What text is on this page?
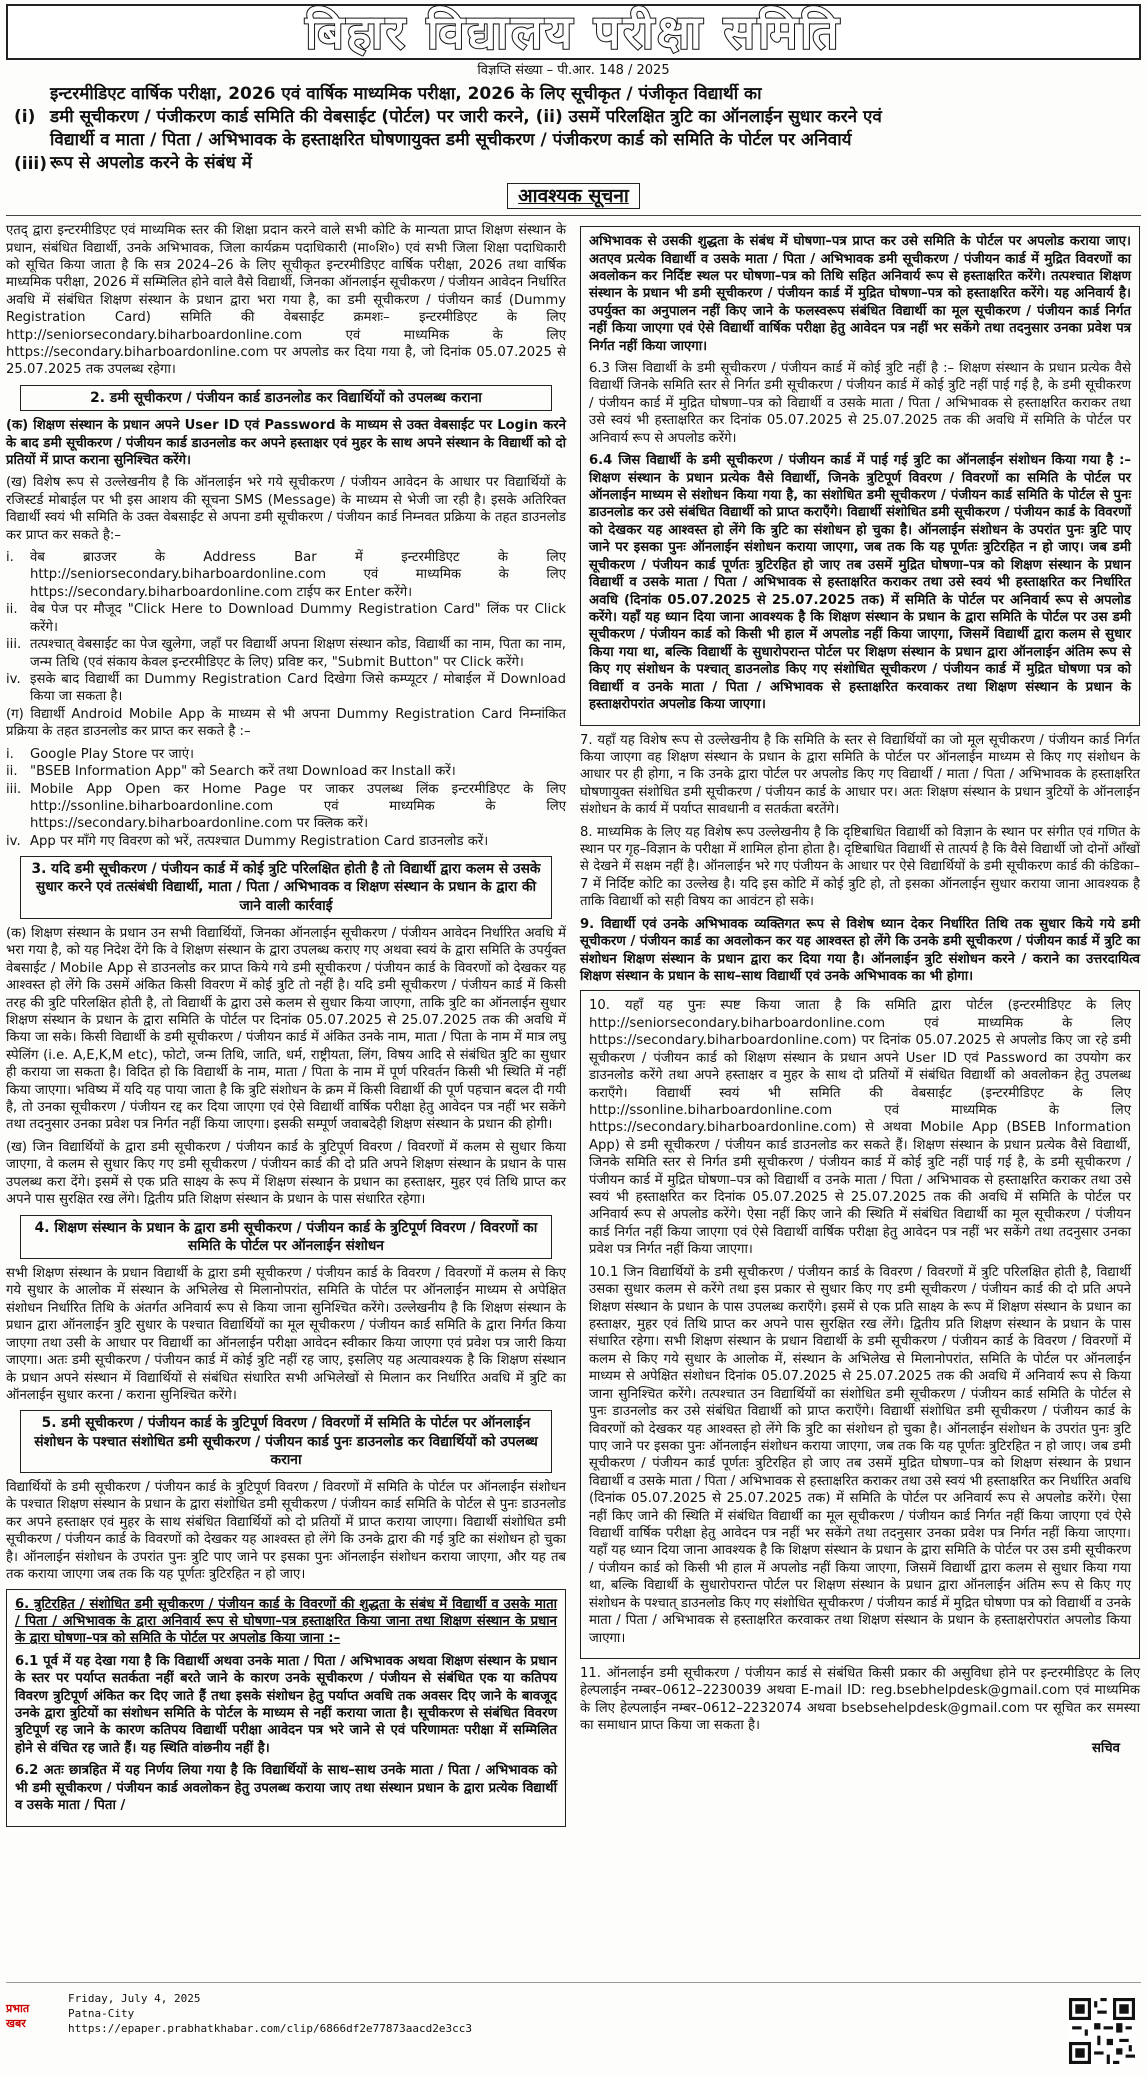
बिहार विद्यालय परीक्षा समिति
विज्ञप्ति संख्या – पी.आर. 148 / 2025
(i)
(iii)
इन्टरमीडिएट वार्षिक परीक्षा, 2026 एवं वार्षिक माध्यमिक परीक्षा, 2026 के लिए सूचीकृत / पंजीकृत विद्यार्थी का
डमी सूचीकरण / पंजीकरण कार्ड समिति की वेबसाईट (पोर्टल) पर जारी करने, (ii) उसमें परिलक्षित त्रुटि का ऑनलाईन सुधार करने एवं
विद्यार्थी व माता / पिता / अभिभावक के हस्ताक्षरित घोषणायुक्त डमी सूचीकरण / पंजीकरण कार्ड को समिति के पोर्टल पर अनिवार्य
रूप से अपलोड करने के संबंध में
आवश्यक सूचना

एतद् द्वारा इन्टरमीडिएट एवं माध्यमिक स्तर की शिक्षा प्रदान करने वाले सभी कोटि के मान्यता प्राप्त शिक्षण संस्थान के प्रधान, संबंधित विद्यार्थी, उनके अभिभावक, जिला कार्यक्रम पदाधिकारी (मा०शि०) एवं सभी जिला शिक्षा पदाधिकारी को सूचित किया जाता है कि सत्र 2024–26 के लिए सूचीकृत इन्टरमीडिएट वार्षिक परीक्षा, 2026 तथा वार्षिक माध्यमिक परीक्षा, 2026 में सम्मिलित होने वाले वैसे विद्यार्थी, जिनका ऑनलाईन सूचीकरण / पंजीयन आवेदन निर्धारित अवधि में संबंधित शिक्षण संस्थान के प्रधान द्वारा भरा गया है, का डमी सूचीकरण / पंजीयन कार्ड (Dummy Registration Card) समिति की वेबसाईट क्रमशः– इन्टरमीडिएट के लिए http://seniorsecondary.biharboardonline.com एवं माध्यमिक के लिए https://secondary.biharboardonline.com पर अपलोड कर दिया गया है, जो दिनांक 05.07.2025 से 25.07.2025 तक उपलब्ध रहेगा।

2. डमी सूचीकरण / पंजीयन कार्ड डाउनलोड कर विद्यार्थियों को उपलब्ध कराना

(क) शिक्षण संस्थान के प्रधान अपने User ID एवं Password के माध्यम से उक्त वेबसाईट पर Login करने के बाद डमी सूचीकरण / पंजीयन कार्ड डाउनलोड कर अपने हस्ताक्षर एवं मुहर के साथ अपने संस्थान के विद्यार्थी को दो प्रतियों में प्राप्त कराना सुनिश्चित करेंगे।

(ख) विशेष रूप से उल्लेखनीय है कि ऑनलाईन भरे गये सूचीकरण / पंजीयन आवेदन के आधार पर विद्यार्थियों के रजिस्टर्ड मोबाईल पर भी इस आशय की सूचना SMS (Message) के माध्यम से भेजी जा रही है। इसके अतिरिक्त विद्यार्थी स्वयं भी समिति के उक्त वेबसाईट से अपना डमी सूचीकरण / पंजीयन कार्ड निम्नवत प्रक्रिया के तहत डाउनलोड कर प्राप्त कर सकते है:–

i.	वेब ब्राउजर के Address Bar में इन्टरमीडिएट के लिए http://seniorsecondary.biharboardonline.com एवं माध्यमिक के लिए https://secondary.biharboardonline.com टाईप कर Enter करेंगे।
ii. वेब पेज पर मौजूद "Click Here to Download Dummy Registration Card" लिंक पर Click करेंगे।
iii. तत्पश्चात् वेबसाईट का पेज खुलेगा, जहाँ पर विद्यार्थी अपना शिक्षण संस्थान कोड, विद्यार्थी का नाम, पिता का नाम, जन्म तिथि (एवं संकाय केवल इन्टरमीडिएट के लिए) प्रविष्ट कर, "Submit Button" पर Click करेंगे।
iv. इसके बाद विद्यार्थी का Dummy Registration Card दिखेगा जिसे कम्प्यूटर / मोबाईल में Download किया जा सकता है।

(ग) विद्यार्थी Android Mobile App के माध्यम से भी अपना Dummy Registration Card निम्नांकित प्रक्रिया के तहत डाउनलोड कर प्राप्त कर सकते है :–

i.	Google Play Store पर जाएं।
ii. "BSEB Information App" को Search करें तथा Download कर Install करें।
iii. Mobile App Open कर Home Page पर जाकर उपलब्ध लिंक इन्टरमीडिएट के लिए http://ssonline.biharboardonline.com एवं माध्यमिक के लिए https://secondary.biharboardonline.com पर क्लिक करें।
iv. App पर माँगे गए विवरण को भरें, तत्पश्चात Dummy Registration Card डाउनलोड करें।
3. यदि डमी सूचीकरण / पंजीयन कार्ड में कोई त्रुटि परिलक्षित होती है तो विद्यार्थी द्वारा कलम से उसके सुधार करने एवं तत्संबंधी विद्यार्थी, माता / पिता / अभिभावक व शिक्षण संस्थान के प्रधान के द्वारा की जाने वाली कार्रवाई

(क) शिक्षण संस्थान के प्रधान उन सभी विद्यार्थियों, जिनका ऑनलाईन सूचीकरण / पंजीयन आवेदन निर्धारित अवधि में भरा गया है, को यह निदेश देंगे कि वे शिक्षण संस्थान के द्वारा उपलब्ध कराए गए अथवा स्वयं के द्वारा समिति के उपर्युक्त वेबसाईट / Mobile App से डाउनलोड कर प्राप्त किये गये डमी सूचीकरण / पंजीयन कार्ड के विवरणों को देखकर यह आश्वस्त हो लेंगे कि उसमें अंकित किसी विवरण में कोई त्रुटि तो नहीं है। यदि डमी सूचीकरण / पंजीयन कार्ड में किसी तरह की त्रुटि परिलक्षित होती है, तो विद्यार्थी के द्वारा उसे कलम से सुधार किया जाएगा, ताकि त्रुटि का ऑनलाईन सुधार शिक्षण संस्थान के प्रधान के द्वारा समिति के पोर्टल पर दिनांक 05.07.2025 से 25.07.2025 तक की अवधि में किया जा सके। किसी विद्यार्थी के डमी सूचीकरण / पंजीयन कार्ड में अंकित उनके नाम, माता / पिता के नाम में मात्र लघु स्पेलिंग (i.e. A,E,K,M etc), फोटो, जन्म तिथि, जाति, धर्म, राष्ट्रीयता, लिंग, विषय आदि से संबंधित त्रुटि का सुधार ही कराया जा सकता है। विदित हो कि विद्यार्थी के नाम, माता / पिता के नाम में पूर्ण परिवर्तन किसी भी स्थिति में नहीं किया जाएगा। भविष्य में यदि यह पाया जाता है कि त्रुटि संशोधन के क्रम में किसी विद्यार्थी की पूर्ण पहचान बदल दी गयी है, तो उनका सूचीकरण / पंजीयन रद्द कर दिया जाएगा एवं ऐसे विद्यार्थी वार्षिक परीक्षा हेतु आवेदन पत्र नहीं भर सकेंगे तथा तदनुसार उनका प्रवेश पत्र निर्गत नहीं किया जाएगा। इसकी सम्पूर्ण जवाबदेही शिक्षण संस्थान के प्रधान की होगी।

(ख) जिन विद्यार्थियों के द्वारा डमी सूचीकरण / पंजीयन कार्ड के त्रुटिपूर्ण विवरण / विवरणों में कलम से सुधार किया जाएगा, वे कलम से सुधार किए गए डमी सूचीकरण / पंजीयन कार्ड की दो प्रति अपने शिक्षण संस्थान के प्रधान के पास उपलब्ध करा देंगे। इसमें से एक प्रति साक्ष्य के रूप में शिक्षण संस्थान के प्रधान का हस्ताक्षर, मुहर एवं तिथि प्राप्त कर अपने पास सुरक्षित रख लेंगे। द्वितीय प्रति शिक्षण संस्थान के प्रधान के पास संधारित रहेगा।

4. शिक्षण संस्थान के प्रधान के द्वारा डमी सूचीकरण / पंजीयन कार्ड के त्रुटिपूर्ण विवरण / विवरणों का समिति के पोर्टल पर ऑनलाईन संशोधन

सभी शिक्षण संस्थान के प्रधान विद्यार्थी के द्वारा डमी सूचीकरण / पंजीयन कार्ड के विवरण / विवरणों में कलम से किए गये सुधार के आलोक में संस्थान के अभिलेख से मिलानोपरांत, समिति के पोर्टल पर ऑनलाईन माध्यम से अपेक्षित संशोधन निर्धारित तिथि के अंतर्गत अनिवार्य रूप से किया जाना सुनिश्चित करेंगे। उल्लेखनीय है कि शिक्षण संस्थान के प्रधान द्वारा ऑनलाईन त्रुटि सुधार के पश्चात विद्यार्थियों का मूल सूचीकरण / पंजीयन कार्ड समिति के द्वारा निर्गत किया जाएगा तथा उसी के आधार पर विद्यार्थी का ऑनलाईन परीक्षा आवेदन स्वीकार किया जाएगा एवं प्रवेश पत्र जारी किया जाएगा। अतः डमी सूचीकरण / पंजीयन कार्ड में कोई त्रुटि नहीं रह जाए, इसलिए यह अत्यावश्यक है कि शिक्षण संस्थान के प्रधान अपने संस्थान में विद्यार्थियों से संबंधित संधारित सभी अभिलेखों से मिलान कर निर्धारित अवधि में त्रुटि का ऑनलाईन सुधार करना / कराना सुनिश्चित करेंगे।

5. डमी सूचीकरण / पंजीयन कार्ड के त्रुटिपूर्ण विवरण / विवरणों में समिति के पोर्टल पर ऑनलाईन संशोधन के पश्चात संशोधित डमी सूचीकरण / पंजीयन कार्ड पुनः डाउनलोड कर विद्यार्थियों को उपलब्ध कराना

विद्यार्थियों के डमी सूचीकरण / पंजीयन कार्ड के त्रुटिपूर्ण विवरण / विवरणों में समिति के पोर्टल पर ऑनलाईन संशोधन के पश्चात शिक्षण संस्थान के प्रधान के द्वारा संशोधित डमी सूचीकरण / पंजीयन कार्ड समिति के पोर्टल से पुनः डाउनलोड कर अपने हस्ताक्षर एवं मुहर के साथ संबंधित विद्यार्थियों को दो प्रतियों में प्राप्त कराया जाएगा। विद्यार्थी संशोधित डमी सूचीकरण / पंजीयन कार्ड के विवरणों को देखकर यह आश्वस्त हो लेंगे कि उनके द्वारा की गई त्रुटि का संशोधन हो चुका है। ऑनलाईन संशोधन के उपरांत पुनः त्रुटि पाए जाने पर इसका पुनः ऑनलाईन संशोधन कराया जाएगा, और यह तब तक कराया जाएगा जब तक कि यह पूर्णतः त्रुटिरहित न हो जाए।

6. त्रुटिरहित / संशोधित डमी सूचीकरण / पंजीयन कार्ड के विवरणों की शुद्धता के संबंध में विद्यार्थी व उसके माता / पिता / अभिभावक के द्वारा अनिवार्य रूप से घोषणा–पत्र हस्ताक्षरित किया जाना तथा शिक्षण संस्थान के प्रधान के द्वारा घोषणा–पत्र को समिति के पोर्टल पर अपलोड किया जाना :–

6.1 पूर्व में यह देखा गया है कि विद्यार्थी अथवा उनके माता / पिता / अभिभावक अथवा शिक्षण संस्थान के प्रधान के स्तर पर पर्याप्त सतर्कता नहीं बरते जाने के कारण उनके सूचीकरण / पंजीयन से संबंधित एक या कतिपय विवरण त्रुटिपूर्ण अंकित कर दिए जाते हैं तथा इसके संशोधन हेतु पर्याप्त अवधि तक अवसर दिए जाने के बावजूद उनके द्वारा त्रुटियों का संशोधन समिति के पोर्टल के माध्यम से नहीं कराया जाता है। सूचीकरण से संबंधित विवरण त्रुटिपूर्ण रह जाने के कारण कतिपय विद्यार्थी परीक्षा आवेदन पत्र भरे जाने से एवं परिणामतः परीक्षा में सम्मिलित होने से वंचित रह जाते हैं। यह स्थिति वांछनीय नहीं है।

6.2 अतः छात्रहित में यह निर्णय लिया गया है कि विद्यार्थियों के साथ–साथ उनके माता / पिता / अभिभावक को भी डमी सूचीकरण / पंजीयन कार्ड अवलोकन हेतु उपलब्ध कराया जाए तथा संस्थान प्रधान के द्वारा प्रत्येक विद्यार्थी व उसके माता / पिता /

अभिभावक से उसकी शुद्धता के संबंध में घोषणा–पत्र प्राप्त कर उसे समिति के पोर्टल पर अपलोड कराया जाए। अतएव प्रत्येक विद्यार्थी व उसके माता / पिता / अभिभावक डमी सूचीकरण / पंजीयन कार्ड में मुद्रित विवरणों का अवलोकन कर निर्दिष्ट स्थल पर घोषणा–पत्र को तिथि सहित अनिवार्य रूप से हस्ताक्षरित करेंगे। तत्पश्चात शिक्षण संस्थान के प्रधान भी डमी सूचीकरण / पंजीयन कार्ड में मुद्रित घोषणा–पत्र को हस्ताक्षरित करेंगे। यह अनिवार्य है। उपर्युक्त का अनुपालन नहीं किए जाने के फलस्वरूप संबंधित विद्यार्थी का मूल सूचीकरण / पंजीयन कार्ड निर्गत नहीं किया जाएगा एवं ऐसे विद्यार्थी वार्षिक परीक्षा हेतु आवेदन पत्र नहीं भर सकेंगे तथा तदनुसार उनका प्रवेश पत्र निर्गत नहीं किया जाएगा।

6.3 जिस विद्यार्थी के डमी सूचीकरण / पंजीयन कार्ड में कोई त्रुटि नहीं है :– शिक्षण संस्थान के प्रधान प्रत्येक वैसे विद्यार्थी जिनके समिति स्तर से निर्गत डमी सूचीकरण / पंजीयन कार्ड में कोई त्रुटि नहीं पाई गई है, के डमी सूचीकरण / पंजीयन कार्ड में मुद्रित घोषणा–पत्र को विद्यार्थी व उसके माता / पिता / अभिभावक से हस्ताक्षरित कराकर तथा उसे स्वयं भी हस्ताक्षरित कर दिनांक 05.07.2025 से 25.07.2025 तक की अवधि में समिति के पोर्टल पर अनिवार्य रूप से अपलोड करेंगे।

6.4 जिस विद्यार्थी के डमी सूचीकरण / पंजीयन कार्ड में पाई गई त्रुटि का ऑनलाईन संशोधन किया गया है :– शिक्षण संस्थान के प्रधान प्रत्येक वैसे विद्यार्थी, जिनके त्रुटिपूर्ण विवरण / विवरणों का समिति के पोर्टल पर ऑनलाईन माध्यम से संशोधन किया गया है, का संशोधित डमी सूचीकरण / पंजीयन कार्ड समिति के पोर्टल से पुनः डाउनलोड कर उसे संबंधित विद्यार्थी को प्राप्त कराएँगे। विद्यार्थी संशोधित डमी सूचीकरण / पंजीयन कार्ड के विवरणों को देखकर यह आश्वस्त हो लेंगे कि त्रुटि का संशोधन हो चुका है। ऑनलाईन संशोधन के उपरांत पुनः त्रुटि पाए जाने पर इसका पुनः ऑनलाईन संशोधन कराया जाएगा, जब तक कि यह पूर्णतः त्रुटिरहित न हो जाए। जब डमी सूचीकरण / पंजीयन कार्ड पूर्णतः त्रुटिरहित हो जाए तब उसमें मुद्रित घोषणा–पत्र को शिक्षण संस्थान के प्रधान विद्यार्थी व उसके माता / पिता / अभिभावक से हस्ताक्षरित कराकर तथा उसे स्वयं भी हस्ताक्षरित कर निर्धारित अवधि (दिनांक 05.07.2025 से 25.07.2025 तक) में समिति के पोर्टल पर अनिवार्य रूप से अपलोड करेंगे। यहाँ यह ध्यान दिया जाना आवश्यक है कि शिक्षण संस्थान के प्रधान के द्वारा समिति के पोर्टल पर उस डमी सूचीकरण / पंजीयन कार्ड को किसी भी हाल में अपलोड नहीं किया जाएगा, जिसमें विद्यार्थी द्वारा कलम से सुधार किया गया था, बल्कि विद्यार्थी के सुधारोपरान्त पोर्टल पर शिक्षण संस्थान के प्रधान द्वारा ऑनलाईन अंतिम रूप से किए गए संशोधन के पश्चात् डाउनलोड किए गए संशोधित सूचीकरण / पंजीयन कार्ड में मुद्रित घोषणा पत्र को विद्यार्थी व उनके माता / पिता / अभिभावक से हस्ताक्षरित करवाकर तथा शिक्षण संस्थान के प्रधान के हस्ताक्षरोपरांत अपलोड किया जाएगा।

7. यहाँ यह विशेष रूप से उल्लेखनीय है कि समिति के स्तर से विद्यार्थियों का जो मूल सूचीकरण / पंजीयन कार्ड निर्गत किया जाएगा वह शिक्षण संस्थान के प्रधान के द्वारा समिति के पोर्टल पर ऑनलाईन माध्यम से किए गए संशोधन के आधार पर ही होगा, न कि उनके द्वारा पोर्टल पर अपलोड किए गए विद्यार्थी / माता / पिता / अभिभावक के हस्ताक्षरित घोषणायुक्त संशोधित डमी सूचीकरण / पंजीयन कार्ड के आधार पर। अतः शिक्षण संस्थान के प्रधान त्रुटियों के ऑनलाईन संशोधन के कार्य में पर्याप्त सावधानी व सतर्कता बरतेंगे।

8. माध्यमिक के लिए यह विशेष रूप उल्लेखनीय है कि दृष्टिबाधित विद्यार्थी को विज्ञान के स्थान पर संगीत एवं गणित के स्थान पर गृह–विज्ञान के परीक्षा में शामिल होना होता है। दृष्टिबाधित विद्यार्थी से तात्पर्य है कि वैसे विद्यार्थी जो दोनों आँखों से देखने में सक्षम नहीं है। ऑनलाईन भरे गए पंजीयन के आधार पर ऐसे विद्यार्थियों के डमी सूचीकरण कार्ड की कंडिका–7 में निर्दिष्ट कोटि का उल्लेख है। यदि इस कोटि में कोई त्रुटि हो, तो इसका ऑनलाईन सुधार कराया जाना आवश्यक है ताकि विद्यार्थी को सही विषय का आवंटन हो सके।

9. विद्यार्थी एवं उनके अभिभावक व्यक्तिगत रूप से विशेष ध्यान देकर निर्धारित तिथि तक सुधार किये गये डमी सूचीकरण / पंजीयन कार्ड का अवलोकन कर यह आश्वस्त हो लेंगे कि उनके डमी सूचीकरण / पंजीयन कार्ड में त्रुटि का संशोधन शिक्षण संस्थान के प्रधान द्वारा कर दिया गया है। ऑनलाईन त्रुटि संशोधन करने / कराने का उत्तरदायित्व शिक्षण संस्थान के प्रधान के साथ–साथ विद्यार्थी एवं उनके अभिभावक का भी होगा।

10. यहाँ यह पुनः स्पष्ट किया जाता है कि समिति द्वारा पोर्टल (इन्टरमीडिएट के लिए http://seniorsecondary.biharboardonline.com एवं माध्यमिक के लिए https://secondary.biharboardonline.com) पर दिनांक 05.07.2025 से अपलोड किए जा रहे डमी सूचीकरण / पंजीयन कार्ड को शिक्षण संस्थान के प्रधान अपने User ID एवं Password का उपयोग कर डाउनलोड करेंगे तथा अपने हस्ताक्षर व मुहर के साथ दो प्रतियों में संबंधित विद्यार्थी को अवलोकन हेतु उपलब्ध कराएँगे। विद्यार्थी स्वयं भी समिति की वेबसाईट (इन्टरमीडिएट के लिए http://ssonline.biharboardonline.com एवं माध्यमिक के लिए https://secondary.biharboardonline.com) से अथवा Mobile App (BSEB Information App) से डमी सूचीकरण / पंजीयन कार्ड डाउनलोड कर सकते हैं। शिक्षण संस्थान के प्रधान प्रत्येक वैसे विद्यार्थी, जिनके समिति स्तर से निर्गत डमी सूचीकरण / पंजीयन कार्ड में कोई त्रुटि नहीं पाई गई है, के डमी सूचीकरण / पंजीयन कार्ड में मुद्रित घोषणा–पत्र को विद्यार्थी व उनके माता / पिता / अभिभावक से हस्ताक्षरित कराकर तथा उसे स्वयं भी हस्ताक्षरित कर दिनांक 05.07.2025 से 25.07.2025 तक की अवधि में समिति के पोर्टल पर अनिवार्य रूप से अपलोड करेंगे। ऐसा नहीं किए जाने की स्थिति में संबंधित विद्यार्थी का मूल सूचीकरण / पंजीयन कार्ड निर्गत नहीं किया जाएगा एवं ऐसे विद्यार्थी वार्षिक परीक्षा हेतु आवेदन पत्र नहीं भर सकेंगे तथा तदनुसार उनका प्रवेश पत्र निर्गत नहीं किया जाएगा।

10.1 जिन विद्यार्थियों के डमी सूचीकरण / पंजीयन कार्ड के विवरण / विवरणों में त्रुटि परिलक्षित होती है, विद्यार्थी उसका सुधार कलम से करेंगे तथा इस प्रकार से सुधार किए गए डमी सूचीकरण / पंजीयन कार्ड की दो प्रति अपने शिक्षण संस्थान के प्रधान के पास उपलब्ध कराएँगे। इसमें से एक प्रति साक्ष्य के रूप में शिक्षण संस्थान के प्रधान का हस्ताक्षर, मुहर एवं तिथि प्राप्त कर अपने पास सुरक्षित रख लेंगे। द्वितीय प्रति शिक्षण संस्थान के प्रधान के पास संधारित रहेगा। सभी शिक्षण संस्थान के प्रधान विद्यार्थी के डमी सूचीकरण / पंजीयन कार्ड के विवरण / विवरणों में कलम से किए गये सुधार के आलोक में, संस्थान के अभिलेख से मिलानोपरांत, समिति के पोर्टल पर ऑनलाईन माध्यम से अपेक्षित संशोधन दिनांक 05.07.2025 से 25.07.2025 तक की अवधि में अनिवार्य रूप से किया जाना सुनिश्चित करेंगे। तत्पश्चात उन विद्यार्थियों का संशोधित डमी सूचीकरण / पंजीयन कार्ड समिति के पोर्टल से पुनः डाउनलोड कर उसे संबंधित विद्यार्थी को प्राप्त कराएँगे। विद्यार्थी संशोधित डमी सूचीकरण / पंजीयन कार्ड के विवरणों को देखकर यह आश्वस्त हो लेंगे कि त्रुटि का संशोधन हो चुका है। ऑनलाईन संशोधन के उपरांत पुनः त्रुटि पाए जाने पर इसका पुनः ऑनलाईन संशोधन कराया जाएगा, जब तक कि यह पूर्णतः त्रुटिरहित न हो जाए। जब डमी सूचीकरण / पंजीयन कार्ड पूर्णतः त्रुटिरहित हो जाए तब उसमें मुद्रित घोषणा–पत्र को शिक्षण संस्थान के प्रधान विद्यार्थी व उसके माता / पिता / अभिभावक से हस्ताक्षरित कराकर तथा उसे स्वयं भी हस्ताक्षरित कर निर्धारित अवधि (दिनांक 05.07.2025 से 25.07.2025 तक) में समिति के पोर्टल पर अनिवार्य रूप से अपलोड करेंगे। ऐसा नहीं किए जाने की स्थिति में संबंधित विद्यार्थी का मूल सूचीकरण / पंजीयन कार्ड निर्गत नहीं किया जाएगा एवं ऐसे विद्यार्थी वार्षिक परीक्षा हेतु आवेदन पत्र नहीं भर सकेंगे तथा तदनुसार उनका प्रवेश पत्र निर्गत नहीं किया जाएगा। यहाँ यह ध्यान दिया जाना आवश्यक है कि शिक्षण संस्थान के प्रधान के द्वारा समिति के पोर्टल पर उस डमी सूचीकरण / पंजीयन कार्ड को किसी भी हाल में अपलोड नहीं किया जाएगा, जिसमें विद्यार्थी द्वारा कलम से सुधार किया गया था, बल्कि विद्यार्थी के सुधारोपरान्त पोर्टल पर शिक्षण संस्थान के प्रधान द्वारा ऑनलाईन अंतिम रूप से किए गए संशोधन के पश्चात् डाउनलोड किए गए संशोधित सूचीकरण / पंजीयन कार्ड में मुद्रित घोषणा पत्र को विद्यार्थी व उनके माता / पिता / अभिभावक से हस्ताक्षरित करवाकर तथा शिक्षण संस्थान के प्रधान के हस्ताक्षरोपरांत अपलोड किया जाएगा।

11. ऑनलाईन डमी सूचीकरण / पंजीयन कार्ड से संबंधित किसी प्रकार की असुविधा होने पर इन्टरमीडिएट के लिए हेल्पलाईन नम्बर–0612–2230039 अथवा E-mail ID: reg.bsebhelpdesk@gmail.com एवं माध्यमिक के लिए हेल्पलाईन नम्बर–0612–2232074 अथवा bsebsehelpdesk@gmail.com पर सूचित कर समस्या का समाधान प्राप्त किया जा सकता है।

सचिव
प्रभात खबर
Friday, July 4, 2025
Patna-City
https://epaper.prabhatkhabar.com/clip/6866df2e77873aacd2e3cc3
